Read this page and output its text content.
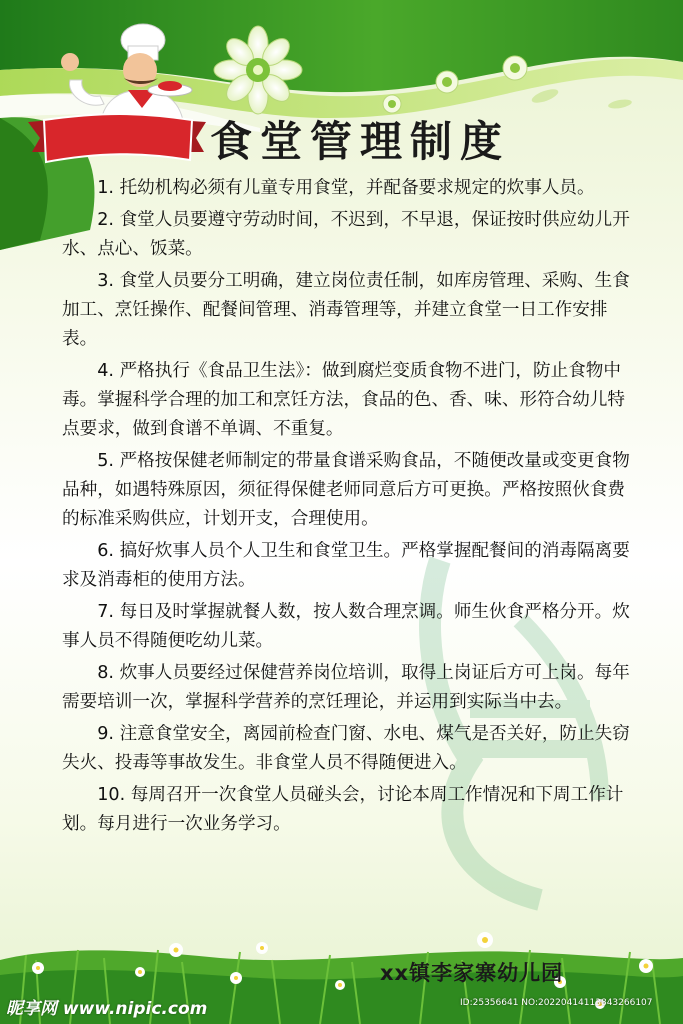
食堂管理制度

1. 托幼机构必须有儿童专用食堂，并配备要求规定的炊事人员。

2. 食堂人员要遵守劳动时间，不迟到，不早退，保证按时供应幼儿开水、点心、饭菜。

3. 食堂人员要分工明确，建立岗位责任制，如库房管理、采购、生食加工、烹饪操作、配餐间管理、消毒管理等，并建立食堂一日工作安排表。

4. 严格执行《食品卫生法》：做到腐烂变质食物不进门，防止食物中毒。掌握科学合理的加工和烹饪方法，食品的色、香、味、形符合幼儿特点要求，做到食谱不单调、不重复。

5. 严格按保健老师制定的带量食谱采购食品，不随便改量或变更食物品种，如遇特殊原因，须征得保健老师同意后方可更换。严格按照伙食费的标准采购供应，计划开支，合理使用。

6. 搞好炊事人员个人卫生和食堂卫生。严格掌握配餐间的消毒隔离要求及消毒柜的使用方法。

7. 每日及时掌握就餐人数，按人数合理烹调。师生伙食严格分开。炊事人员不得随便吃幼儿菜。

8. 炊事人员要经过保健营养岗位培训，取得上岗证后方可上岗。每年需要培训一次，掌握科学营养的烹饪理论，并运用到实际当中去。

9. 注意食堂安全，离园前检查门窗、水电、煤气是否关好，防止失窃失火、投毒等事故发生。非食堂人员不得随便进入。

10. 每周召开一次食堂人员碰头会，讨论本周工作情况和下周工作计划。每月进行一次业务学习。

xx镇李家寨幼儿园
昵享网 www.nipic.com	ID:25356641 NO:20220414113843266107
